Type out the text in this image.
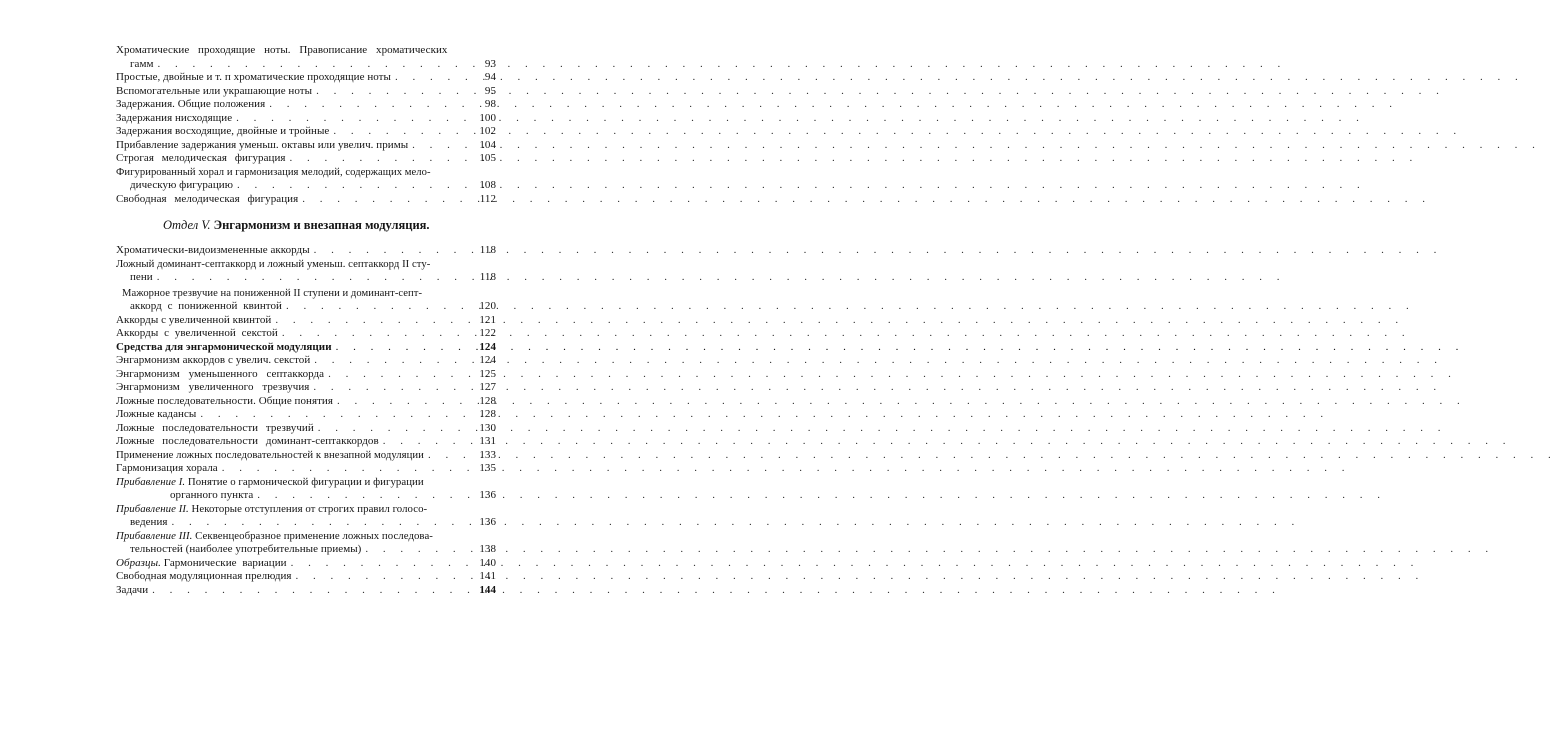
Хроматические проходящие ноты. Правописание хроматических
гамм . . .	93
Простые, двойные и т. п хроматические проходящие ноты . . .	94
Вспомогательные или украшающие ноты . . .	95
Задержания. Общие положения . . .	98
Задержания нисходящие . . .	100
Задержания восходящие, двойные и тройные . . .	102
Прибавление задержания уменьш. октавы или увелич. примы . . .	104
Строгая мелодическая фигурация . . .	105
Фигурированный хорал и гармонизация мелодий, содержащих мело-
дическую фигурацию . . .	108
Свободная мелодическая фигурация . . .	112
Отдел V. Энгармонизм и внезапная модуляция.
Хроматически-видоизмененные аккорды . . .	118
Ложный доминант-септаккорд и ложный уменьш. септаккорд II сту-
пени . . .	118
Мажорное трезвучие на пониженной II ступени и доминант-септ-
аккорд с пониженной квинтой . . .	120
Аккорды с увеличенной квинтой . . .	121
Аккорды с увеличенной секстой . . .	122
Средства для энгармонической модуляции . . .	124
Энгармонизм аккордов с увелич. секстой . . .	124
Энгармонизм уменьшенного септаккорда . . .	125
Энгармонизм увеличенного трезвучия . . .	127
Ложные последовательности. Общие понятия . . .	128
Ложные кадансы . . .	128
Ложные последовательности трезвучий . . .	130
Ложные последовательности доминант-септаккордов . . .	131
Применение ложных последовательностей к внезапной модуляции . . .	133
Гармонизация хорала . . .	135
Прибавление I. Понятие о гармонической фигурации и фигурации
органного пункта . . .	136
Прибавление II. Некоторые отступления от строгих правил голосо-
ведения . . .	136
Прибавление III. Секвенцеобразное применение ложных последова-
тельностей (наиболее употребительные приемы) . . .	138
Образцы. Гармонические вариации . . .	140
Свободная модуляционная прелюдия . . .	141
Задачи . . .	144
